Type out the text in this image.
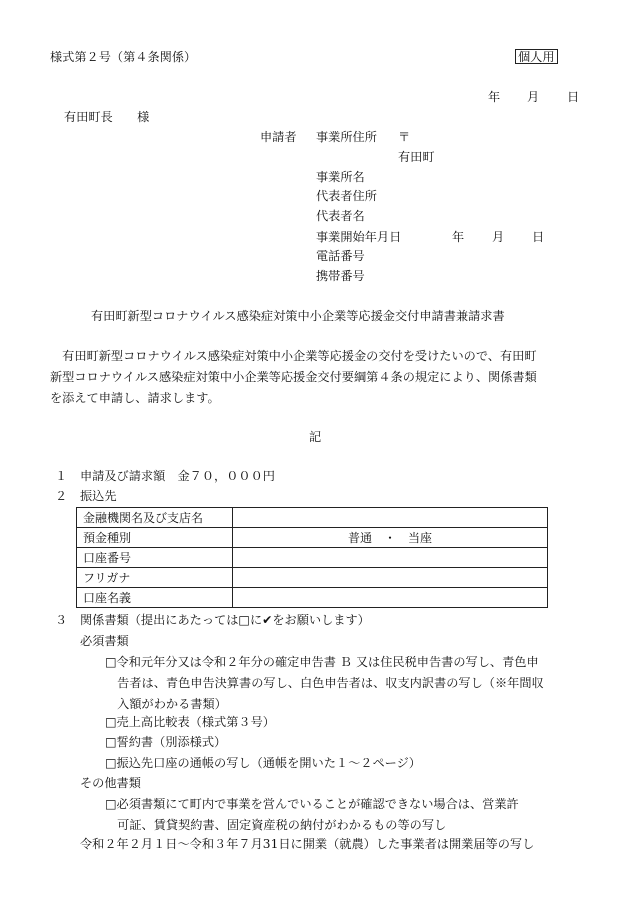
様式第２号（第４条関係）	個人用
年 月 日
有田町長　　様
申請者 事業所住所 〒
有田町
事業所名
代表者住所
代表者名
事業開始年月日	年 月 日
電話番号
携帯番号
有田町新型コロナウイルス感染症対策中小企業等応援金交付申請書兼請求書
　有田町新型コロナウイルス感染症対策中小企業等応援金の交付を受けたいので、有田町
新型コロナウイルス感染症対策中小企業等応援金交付要綱第４条の規定により、関係書類
を添えて申請し、請求します。
記
１ 申請及び請求額　金７０，０００円
２ 振込先
金融機関名及び支店名	
預金種別	普通　・　当座
口座番号	
フリガナ	
口座名義	
３ 関係書類（提出にあたっては□に✔をお願いします）
必須書類
□令和元年分又は令和２年分の確定申告書 Ｂ 又は住民税申告書の写し、青色申
　告者は、青色申告決算書の写し、白色申告者は、収支内訳書の写し（※年間収
　入額がわかる書類）
□売上高比較表（様式第３号）
□誓約書（別添様式）
□振込先口座の通帳の写し（通帳を開いた１～２ページ）
その他書類
□必須書類にて町内で事業を営んでいることが確認できない場合は、営業許
　可証、賃貸契約書、固定資産税の納付がわかるもの等の写し
令和２年２月１日～令和３年７月31日に開業（就農）した事業者は開業届等の写し
